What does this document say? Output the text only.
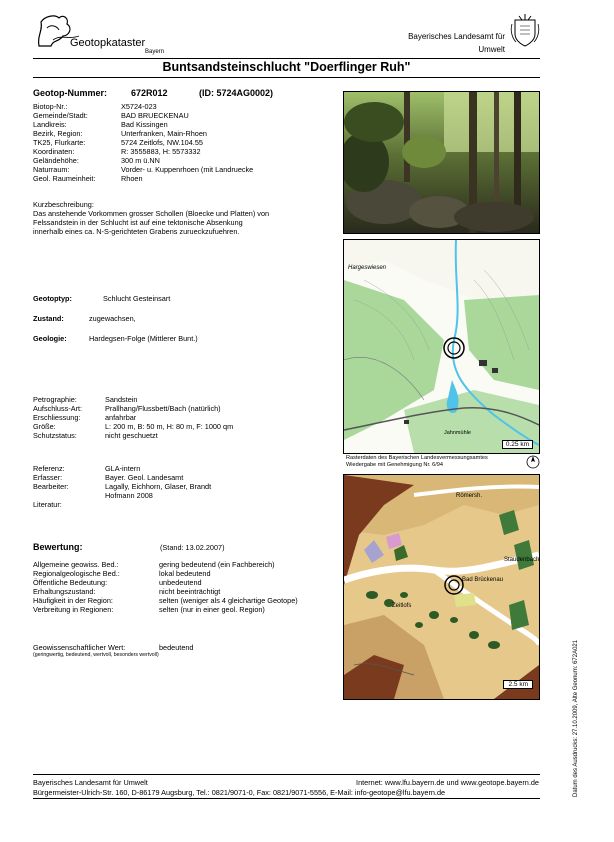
Geotopkataster
Bayern
Bayerisches Landesamt für
Umwelt
Buntsandsteinschlucht "Doerflinger Ruh"
Geotop-Nummer:	672R012	(ID: 5724AG0002)
Biotop-Nr.:	X5724-023
Gemeinde/Stadt:	BAD BRUECKENAU
Landkreis:	Bad Kissingen
Bezirk, Region:	Unterfranken, Main-Rhoen
TK25, Flurkarte:	5724 Zeitlofs, NW.104.55
Koordinaten:	R: 3555883, H: 5573332
Geländehöhe:	300 m ü.NN
Naturraum:	Vorder- u. Kuppenrhoen (mit Landruecke
Geol. Raumeinheit:	Rhoen
Kurzbeschreibung:
Das anstehende Vorkommen grosser Schollen (Bloecke und Platten) von
Felssandstein in der Schlucht ist auf eine tektonische Absenkung
innerhalb eines ca. N-S-gerichteten Grabens zurueckzufuehren.
Geotoptyp:	Schlucht Gesteinsart
Zustand:	zugewachsen,
Geologie:	Hardegsen-Folge (Mittlerer Bunt.)
Petrographie:	Sandstein
Aufschluss-Art:	Prallhang/Flussbett/Bach (natürlich)
Erschliessung:	anfahrbar
Größe:	L: 200 m, B: 50 m, H: 80 m, F: 1000 qm
Schutzstatus:	nicht geschuetzt
Referenz:	GLA-intern
Erfasser:	Bayer. Geol. Landesamt
Bearbeiter:	Lagally, Eichhorn, Glaser, Brandt
Hofmann 2008
Literatur:
Bewertung:	(Stand: 13.02.2007)
Allgemeine geowiss. Bed.:	gering bedeutend (ein Fachbereich)
Regionalgeologische Bed.:	lokal bedeutend
Öffentliche Bedeutung:	unbedeutend
Erhaltungszustand:	nicht beeinträchtigt
Häufigkeit in der Region:	selten (weniger als 4 gleichartige Geotope)
Verbreitung in Regionen:	selten (nur in einer geol. Region)
Geowissenschaftlicher Wert:	bedeutend
(geringwertig, bedeutend, wertvoll, besonders wertvoll)
Hargeswiesen
Jahnmühle
0.25 km
Rasterdaten des Bayerischen Landesvermessungsamtes
Wiedergabe mit Genehmigung Nr. 6/94
Römersh.
Bad Brückenau
Zeitlofs
Staudenbach
2.5 km	Datum des Ausdrucks: 27.10.2009, Alte Geonum: 672A021
Bayerisches Landesamt für Umwelt	Internet: www.lfu.bayern.de und www.geotope.bayern.de
Bürgermeister-Ulrich-Str. 160, D-86179 Augsburg, Tel.: 0821/9071-0, Fax: 0821/9071-5556, E-Mail: info-geotope@lfu.bayern.de
